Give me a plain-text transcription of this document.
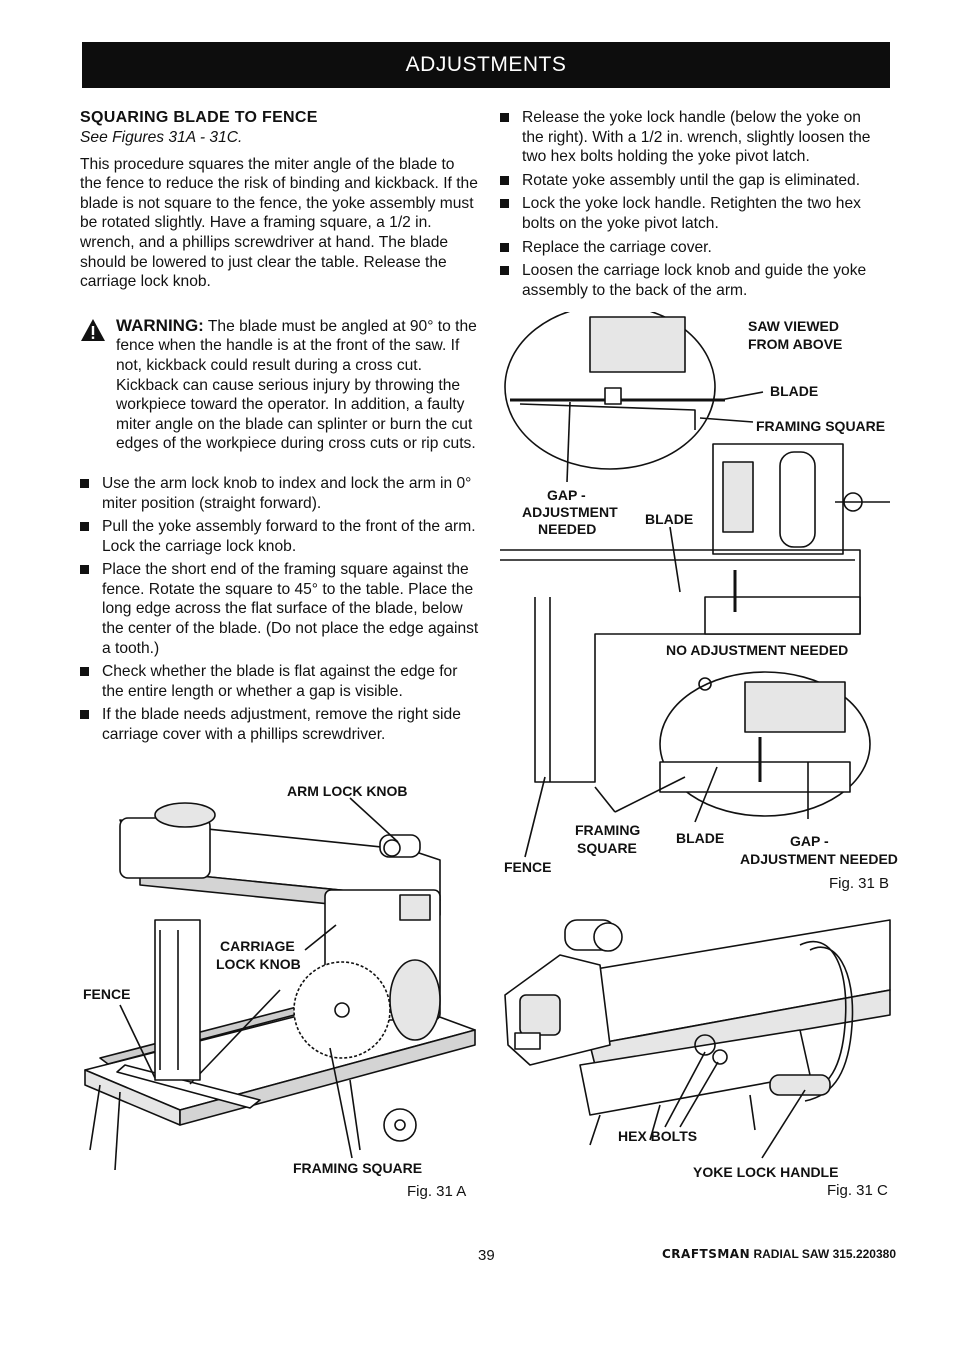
ADJUSTMENTS
SQUARING BLADE TO FENCE

See Figures 31A - 31C.

This procedure squares the miter angle of the blade to the fence to reduce the risk of binding and kickback. If the blade is not square to the fence, the yoke assembly must be rotated slightly. Have a framing square, a 1/2 in. wrench, and a phillips screwdriver at hand. The blade should be lowered to just clear the table. Release the carriage lock knob.

WARNING: The blade must be angled at 90° to the fence when the handle is at the front of the saw. If not, kickback could result during a cross cut. Kickback can cause serious injury by throwing the workpiece toward the operator. In addition, a faulty miter angle on the blade can splinter or burn the cut edges of the workpiece during cross cuts or rip cuts.
Use the arm lock knob to index and lock the arm in 0° miter position (straight forward).
Pull the yoke assembly forward to the front of the arm. Lock the carriage lock knob.
Place the short end of the framing square against the fence. Rotate the square to 45° to the table. Place the long edge across the flat surface of the blade, below the center of the blade. (Do not place the edge against a tooth.)
Check whether the blade is flat against the edge for the entire length or whether a gap is visible.
If the blade needs adjustment, remove the right side carriage cover with a phillips screwdriver.
Release the yoke lock handle (below the yoke on the right). With a 1/2 in. wrench, slightly loosen the two hex bolts holding the yoke pivot latch.
Rotate yoke assembly until the gap is eliminated.
Lock the yoke lock handle. Retighten the two hex bolts on the yoke pivot latch.
Replace the carriage cover.
Loosen the carriage lock knob and guide the yoke assembly to the back of the arm.
ARM LOCK KNOB
CARRIAGE
LOCK KNOB
FENCE
FRAMING SQUARE
Fig. 31 A
SAW VIEWED
FROM ABOVE
BLADE
FRAMING SQUARE
GAP -
ADJUSTMENT
NEEDED
BLADE
NO ADJUSTMENT NEEDED
FRAMING
SQUARE
BLADE	GAP -
ADJUSTMENT NEEDED
FENCE
Fig. 31 B
HEX BOLTS
YOKE LOCK HANDLE
Fig. 31 C
39	CRAFTSMAN RADIAL SAW 315.220380
